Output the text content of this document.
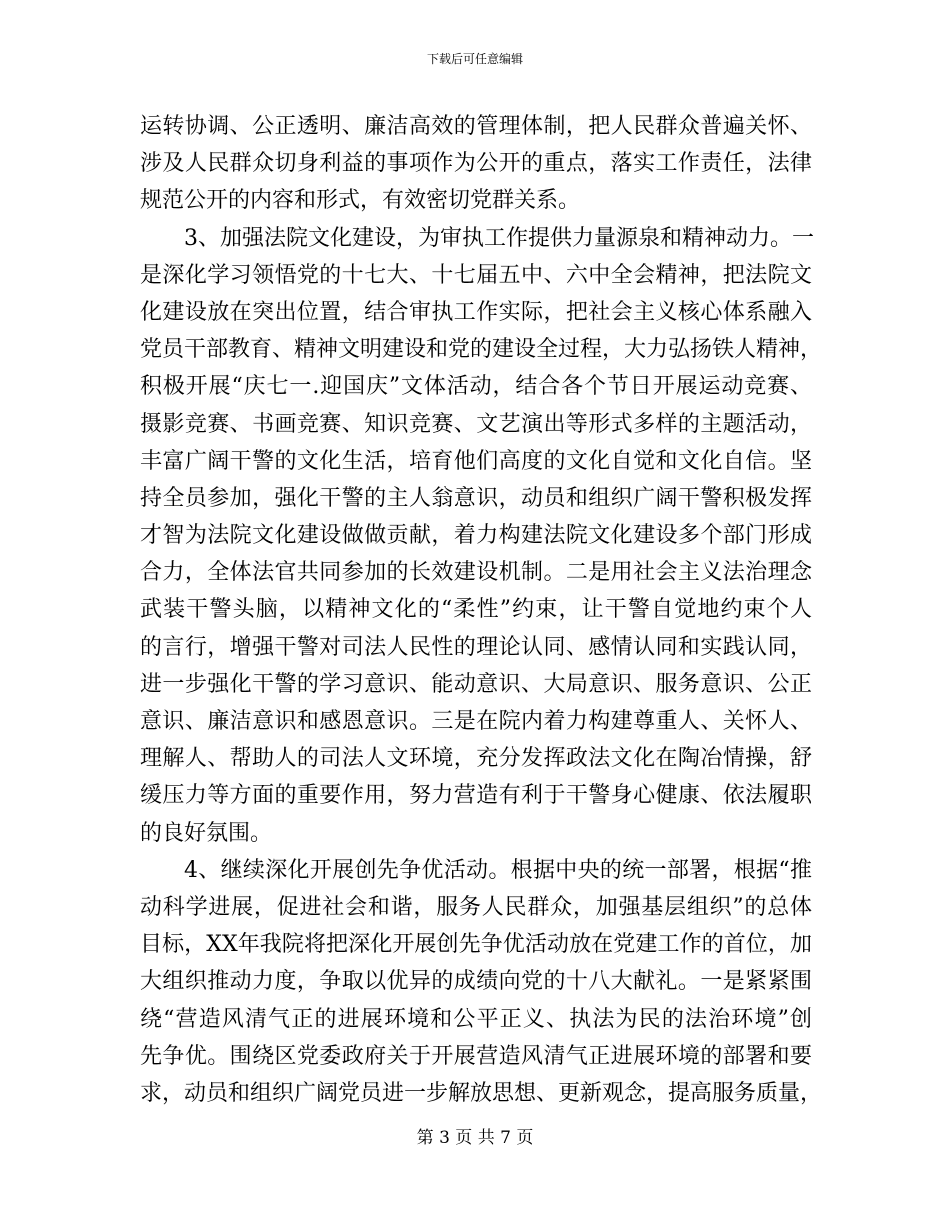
下载后可任意编辑
运转协调、公正透明、廉洁高效的管理体制，把人民群众普遍关怀、
涉及人民群众切身利益的事项作为公开的重点，落实工作责任，法律
规范公开的内容和形式，有效密切党群关系。
3、加强法院文化建设，为审执工作提供力量源泉和精神动力。一
是深化学习领悟党的十七大、十七届五中、六中全会精神，把法院文
化建设放在突出位置，结合审执工作实际，把社会主义核心体系融入
党员干部教育、精神文明建设和党的建设全过程，大力弘扬铁人精神，
积极开展“庆七一.迎国庆”文体活动，结合各个节日开展运动竞赛、
摄影竞赛、书画竞赛、知识竞赛、文艺演出等形式多样的主题活动，
丰富广阔干警的文化生活，培育他们高度的文化自觉和文化自信。坚
持全员参加，强化干警的主人翁意识，动员和组织广阔干警积极发挥
才智为法院文化建设做做贡献，着力构建法院文化建设多个部门形成
合力，全体法官共同参加的长效建设机制。二是用社会主义法治理念
武装干警头脑，以精神文化的“柔性”约束，让干警自觉地约束个人
的言行，增强干警对司法人民性的理论认同、感情认同和实践认同，
进一步强化干警的学习意识、能动意识、大局意识、服务意识、公正
意识、廉洁意识和感恩意识。三是在院内着力构建尊重人、关怀人、
理解人、帮助人的司法人文环境，充分发挥政法文化在陶冶情操，舒
缓压力等方面的重要作用，努力营造有利于干警身心健康、依法履职
的良好氛围。
4、继续深化开展创先争优活动。根据中央的统一部署，根据“推
动科学进展，促进社会和谐，服务人民群众，加强基层组织”的总体
目标，XX年我院将把深化开展创先争优活动放在党建工作的首位，加
大组织推动力度，争取以优异的成绩向党的十八大献礼。一是紧紧围
绕“营造风清气正的进展环境和公平正义、执法为民的法治环境”创
先争优。围绕区党委政府关于开展营造风清气正进展环境的部署和要
求，动员和组织广阔党员进一步解放思想、更新观念，提高服务质量，
第 3 页 共 7 页
